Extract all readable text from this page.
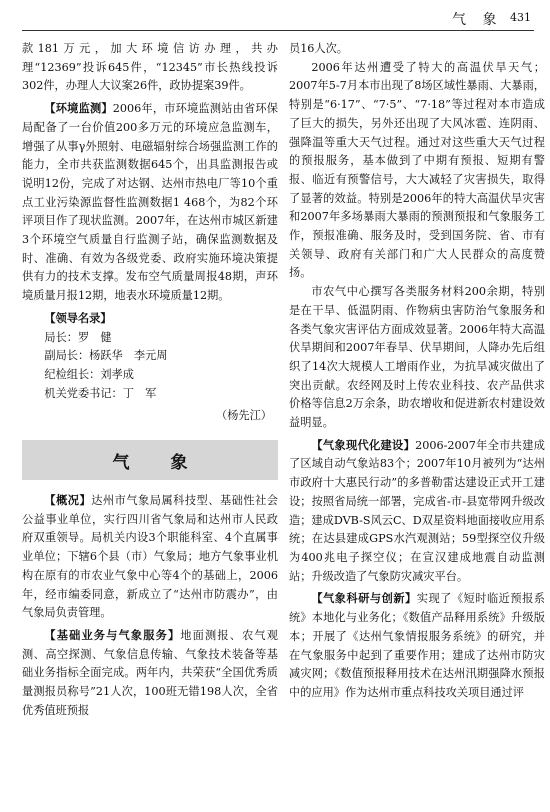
气 象 431

款181万元，加大环境信访办理，共办理“12369”投诉645件，“12345”市长热线投诉302件，办理人大议案26件，政协提案39件。

【环境监测】2006年，市环境监测站由省环保局配备了一台价值200多万元的环境应急监测车，增强了从事γ外照射、电磁辐射综合场强监测工作的能力，全市共获监测数据645个，出具监测报告或说明12份，完成了对达钢、达州市热电厂等10个重点工业污染源监督性监测数据1 468个，为82个环评项目作了现状监测。2007年，在达州市城区新建3个环境空气质量自行监测子站，确保监测数据及时、准确、有效为各级党委、政府实施环境决策提供有力的技术支撑。发布空气质量周报48期，声环境质量月报12期，地表水环境质量12期。

【领导名录】

局长：罗　健

副局长：杨跃华　李元周

纪检组长：刘孝成

机关党委书记：丁　军

（杨先江）
气　象

【概况】达州市气象局属科技型、基础性社会公益事业单位，实行四川省气象局和达州市人民政府双重领导。局机关内设3个职能科室、4个直属事业单位；下辖6个县（市）气象局；地方气象事业机构在原有的市农业气象中心等4个的基础上，2006年，经市编委同意，新成立了“达州市防震办”，由气象局负责管理。

【基础业务与气象服务】地面测报、农气观测、高空探测、气象信息传输、气象技术装备等基础业务指标全面完成。两年内，共荣获“全国优秀质量测报员称号”21人次，100班无错198人次，全省优秀值班预报

员16人次。

2006年达州遭受了特大的高温伏旱天气；2007年5-7月本市出现了8场区域性暴雨、大暴雨，特别是“6·17”、“7·5”、“7·18”等过程对本市造成了巨大的损失，另外还出现了大风冰雹、连阴雨、强降温等重大天气过程。通过对这些重大天气过程的预报服务，基本做到了中期有预报、短期有警报、临近有预警信号，大大减轻了灾害损失，取得了显著的效益。特别是2006年的特大高温伏旱灾害和2007年多场暴雨大暴雨的预测预报和气象服务工作，预报准确、服务及时，受到国务院、省、市有关领导、政府有关部门和广大人民群众的高度赞扬。

市农气中心撰写各类服务材料200余期，特别是在干旱、低温阴雨、作物病虫害防治气象服务和各类气象灾害评估方面成效显著。2006年特大高温伏旱期间和2007年春旱、伏旱期间，人降办先后组织了14次大规模人工增雨作业，为抗旱减灾做出了突出贡献。农经网及时上传农业科技、农产品供求价格等信息2万余条，助农增收和促进新农村建设效益明显。

【气象现代化建设】2006-2007年全市共建成了区域自动气象站83个；2007年10月被列为“达州市政府十大惠民行动”的多普勒雷达建设正式开工建设；按照省局统一部署，完成省-市-县宽带网升级改造；建成DVB-S风云C、D双星资料地面接收应用系统；在达县建成GPS水汽观测站；59型探空仪升级为400兆电子探空仪；在宣汉建成地震自动监测站；升级改造了气象防灾减灾平台。

【气象科研与创新】实现了《短时临近预报系统》本地化与业务化；《数值产品释用系统》升级版本；开展了《达州气象情报服务系统》的研究，并在气象服务中起到了重要作用；建成了达州市防灾减灾网；《数值预报释用技术在达州汛期强降水预报中的应用》作为达州市重点科技攻关项目通过评
